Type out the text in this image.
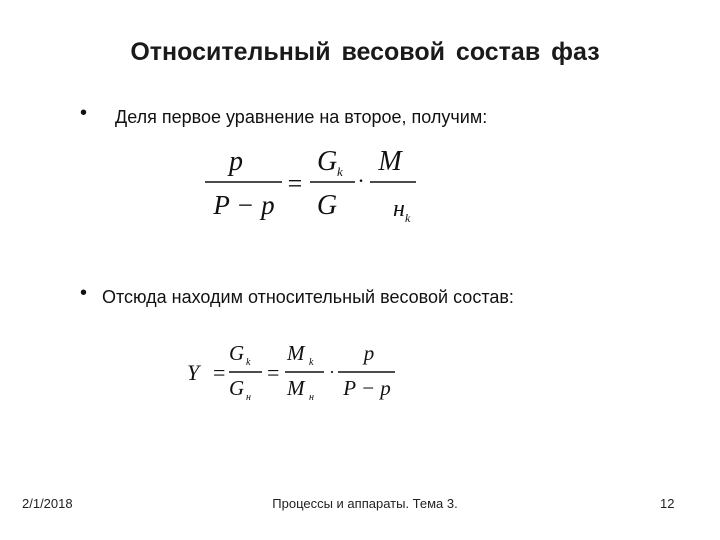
Относительный весовой состав фаз
• Деля первое уравнение на второе, получим:
p
P − p
=
G k
G
·
M
н k
• Отсюда находим относительный весовой состав:
Y =
G k
G н
=
M k
M н
·
p
P − p
2/1/2018	Процессы и аппараты. Тема 3.	12
